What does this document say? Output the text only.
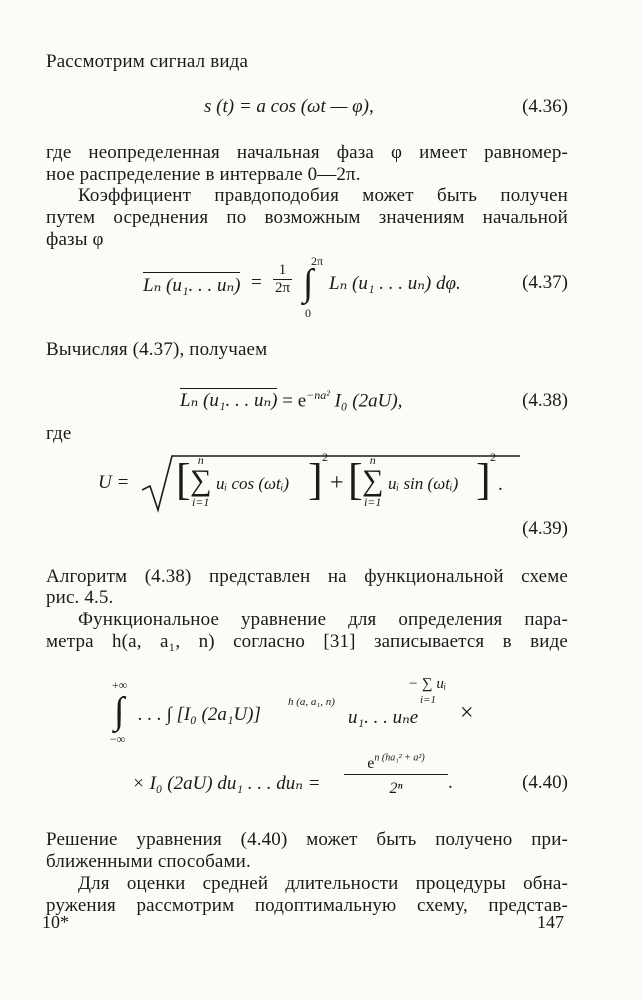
Рассмотрим сигнал вида
s (t) = a cos (ωt — φ),	(4.36)
где неопределенная начальная фаза φ имеет равномер-
ное распределение в интервале 0—2π.
Коэффициент правдоподобия может быть получен
путем осреднения по возможным значениям начальной
фазы φ
Lₙ (u₁. . . $u_n) = \frac{1}{2\pi}$
2π
∫
0
Lₙ (u₁ . . . uₙ) dφ.	(4.37)
Вычисляя (4.37), получаем
Lₙ (u₁. . . $u_n) = e^{-na^2}$ I₀ (2aU),	(4.38)
где
U = [ n
∑
i=1
uᵢ cos (ωtᵢ) ] 2
+ [ n
∑
i=1
uᵢ sin (ωtᵢ) ] 2
.
(4.39)
Алгоритм (4.38) представлен на функциональной схеме
рис. 4.5.
Функциональное уравнение для определения пара-
метра h(a, a₁, n) согласно [31] записывается в виде
+∞
∫
−∞
. . . ∫ [I₀ (2a₁U)]
h (a, a₁, n)
u₁. . . uₙe
− ∑ uᵢ
i=1 ×
× I₀ (2aU) du₁ . . . duₙ =
$e^{n (ha_1^2 + a^2)}$
2ⁿ	.	(4.40)
Решение уравнения (4.40) может быть получено при-
ближенными способами.
Для оценки средней длительности процедуры обна-
ружения рассмотрим подоптимальную схему, представ-
10*	147
